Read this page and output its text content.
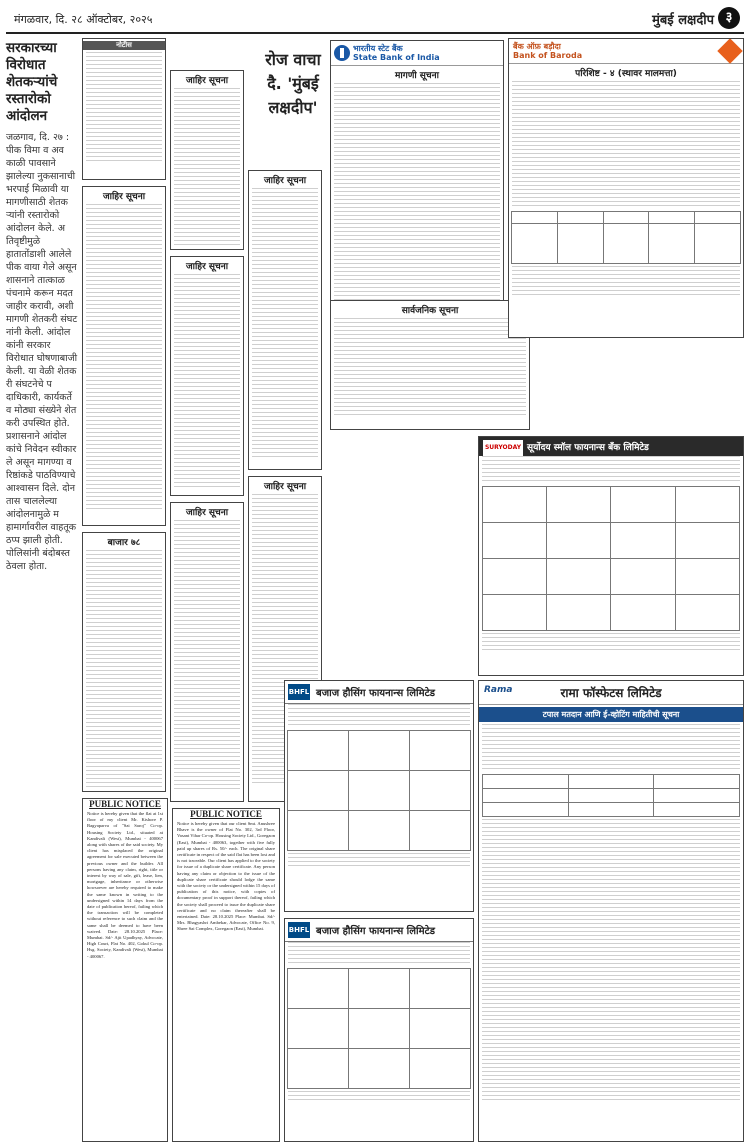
मंगळवार, दि. २८ ऑक्टोबर, २०२५	मुंबई लक्षदीप ३
सरकारच्या विरोधात शेतकऱ्यांचे रस्तारोको आंदोलन
जळगाव, दि. २७ : पीक विमा व अवकाळी पावसाने झालेल्या नुकसानाची भरपाई मिळावी या मागणीसाठी शेतकऱ्यांनी रस्तारोको आंदोलन केले. अतिवृष्टीमुळे हातातोंडाशी आलेले पीक वाया गेले असून शासनाने तात्काळ पंचनामे करून मदत जाहीर करावी, अशी मागणी शेतकरी संघटनांनी केली. आंदोलकांनी सरकारविरोधात घोषणाबाजी केली. या वेळी शेतकरी संघटनेचे पदाधिकारी, कार्यकर्ते व मोठ्या संख्येने शेतकरी उपस्थित होते. प्रशासनाने आंदोलकांचे निवेदन स्वीकारले असून मागण्या वरिष्ठांकडे पाठविण्याचे आश्वासन दिले. दोन तास चाललेल्या आंदोलनामुळे महामार्गावरील वाहतूक ठप्प झाली होती. पोलिसांनी बंदोबस्त ठेवला होता.
नोटीस
जाहिर सूचना
बाजार ७८
PUBLIC NOTICE
Notice is hereby given that the flat at 1st floor of my client Mr. Kishore P. Bagyaparva of "Sai Saroj" Co-op. Housing Society Ltd., situated at Kandivali (West), Mumbai - 400067 along with shares of the said society. My client has misplaced the original agreement for sale executed between the previous owner and the builder. All persons having any claim, right, title or interest by way of sale, gift, lease, lien, mortgage, inheritance or otherwise howsoever are hereby required to make the same known in writing to the undersigned within 14 days from the date of publication hereof, failing which the transaction will be completed without reference to such claim and the same shall be deemed to have been waived. Date: 28.10.2025 Place: Mumbai. Sd/- Ajit Upadhyay, Advocate, High Court, Flat No. 402, Gokul Co-op. Hsg. Society, Kandivali (West), Mumbai - 400067.
जाहिर सूचना
जाहिर सूचना
जाहिर सूचना
PUBLIC NOTICE
Notice is hereby given that our client Smt. Anushree Bhave is the owner of Flat No. 302, 3rd Floor, Vasant Vihar Co-op. Housing Society Ltd., Goregaon (East), Mumbai - 400063, together with five fully paid up shares of Rs. 50/- each. The original share certificate in respect of the said flat has been lost and is not traceable. Our client has applied to the society for issue of a duplicate share certificate. Any person having any claim or objection to the issue of the duplicate share certificate should lodge the same with the society or the undersigned within 15 days of publication of this notice, with copies of documentary proof in support thereof, failing which the society shall proceed to issue the duplicate share certificate and no claim thereafter shall be entertained. Date: 28.10.2025 Place: Mumbai. Sd/- Mrs. Bhagyashri Ambekar, Advocate, Office No. 9, Shree Sai Complex, Goregaon (East), Mumbai.
रोज वाचा
दै. 'मुंबई
लक्षदीप'
जाहिर सूचना
जाहिर सूचना
भारतीय स्टेट बैंक
State Bank of India
मागणी सूचना
सार्वजनिक सूचना
बैंक ऑफ़ बड़ौदा
Bank of Baroda
परिशिष्ट - ४ (स्थावर मालमत्ता)

SURYODAY सूर्योदय स्मॉल फायनान्स बँक लिमिटेड

BHFL बजाज हौसिंग फायनान्स लिमिटेड

BHFL बजाज हौसिंग फायनान्स लिमिटेड

Rama	रामा फॉस्फेटस लिमिटेड
टपाल मतदान आणि ई-व्होटिंग माहितीची सूचना
